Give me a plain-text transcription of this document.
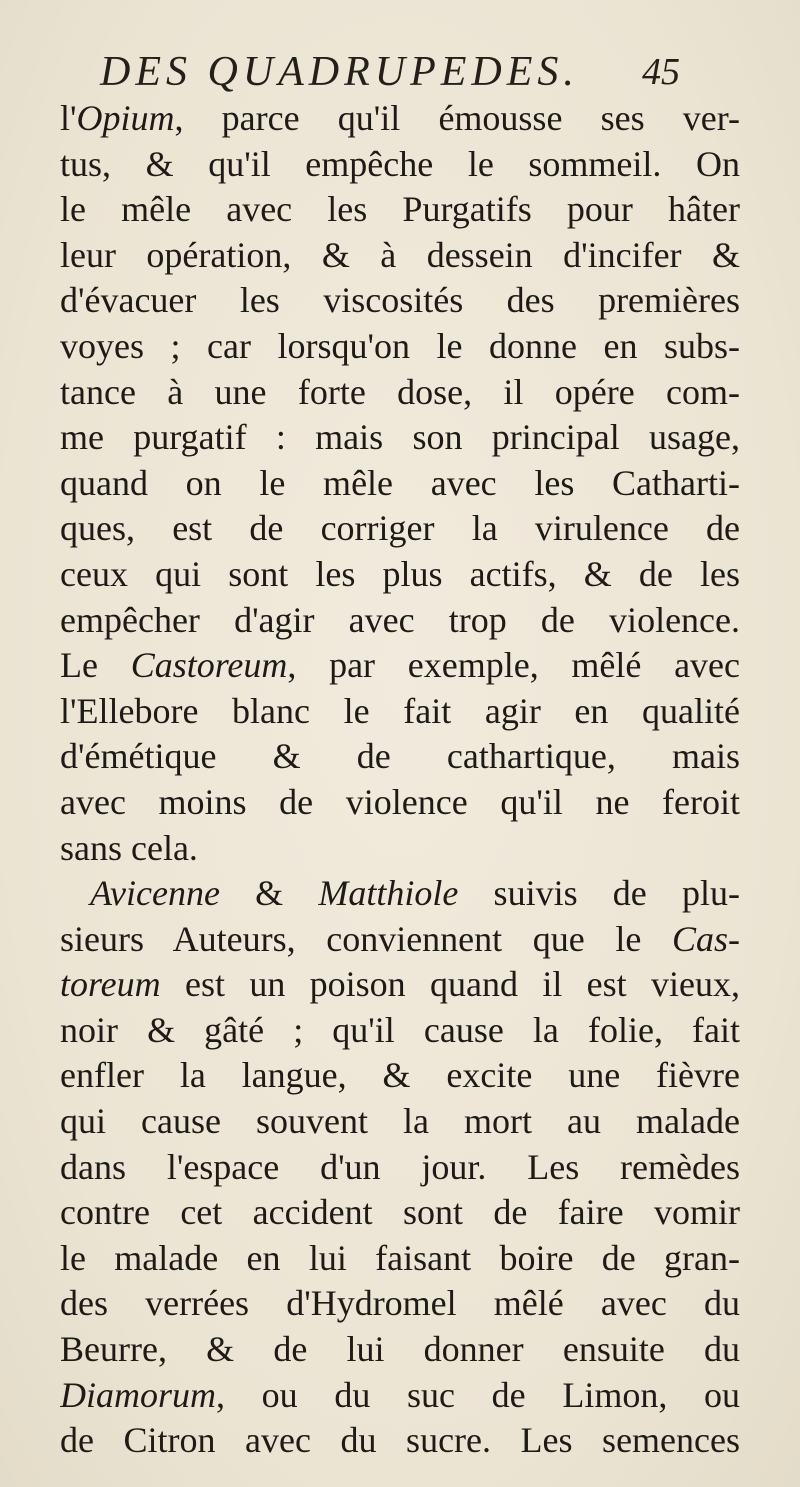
DES QUADRUPEDES. 45
l'Opium, parce qu'il émousse ses ver-
tus, & qu'il empêche le sommeil. On
le mêle avec les Purgatifs pour hâter
leur opération, & à dessein d'incifer &
d'évacuer les viscosités des premières
voyes ; car lorsqu'on le donne en subs-
tance à une forte dose, il opére com-
me purgatif : mais son principal usage,
quand on le mêle avec les Catharti-
ques, est de corriger la virulence de
ceux qui sont les plus actifs, & de les
empêcher d'agir avec trop de violence.
Le Castoreum, par exemple, mêlé avec
l'Ellebore blanc le fait agir en qualité
d'émétique & de cathartique, mais
avec moins de violence qu'il ne feroit
sans cela.
Avicenne & Matthiole suivis de plu-
sieurs Auteurs, conviennent que le Cas-
toreum est un poison quand il est vieux,
noir & gâté ; qu'il cause la folie, fait
enfler la langue, & excite une fièvre
qui cause souvent la mort au malade
dans l'espace d'un jour. Les remèdes
contre cet accident sont de faire vomir
le malade en lui faisant boire de gran-
des verrées d'Hydromel mêlé avec du
Beurre, & de lui donner ensuite du
Diamorum, ou du suc de Limon, ou
de Citron avec du sucre. Les semences
